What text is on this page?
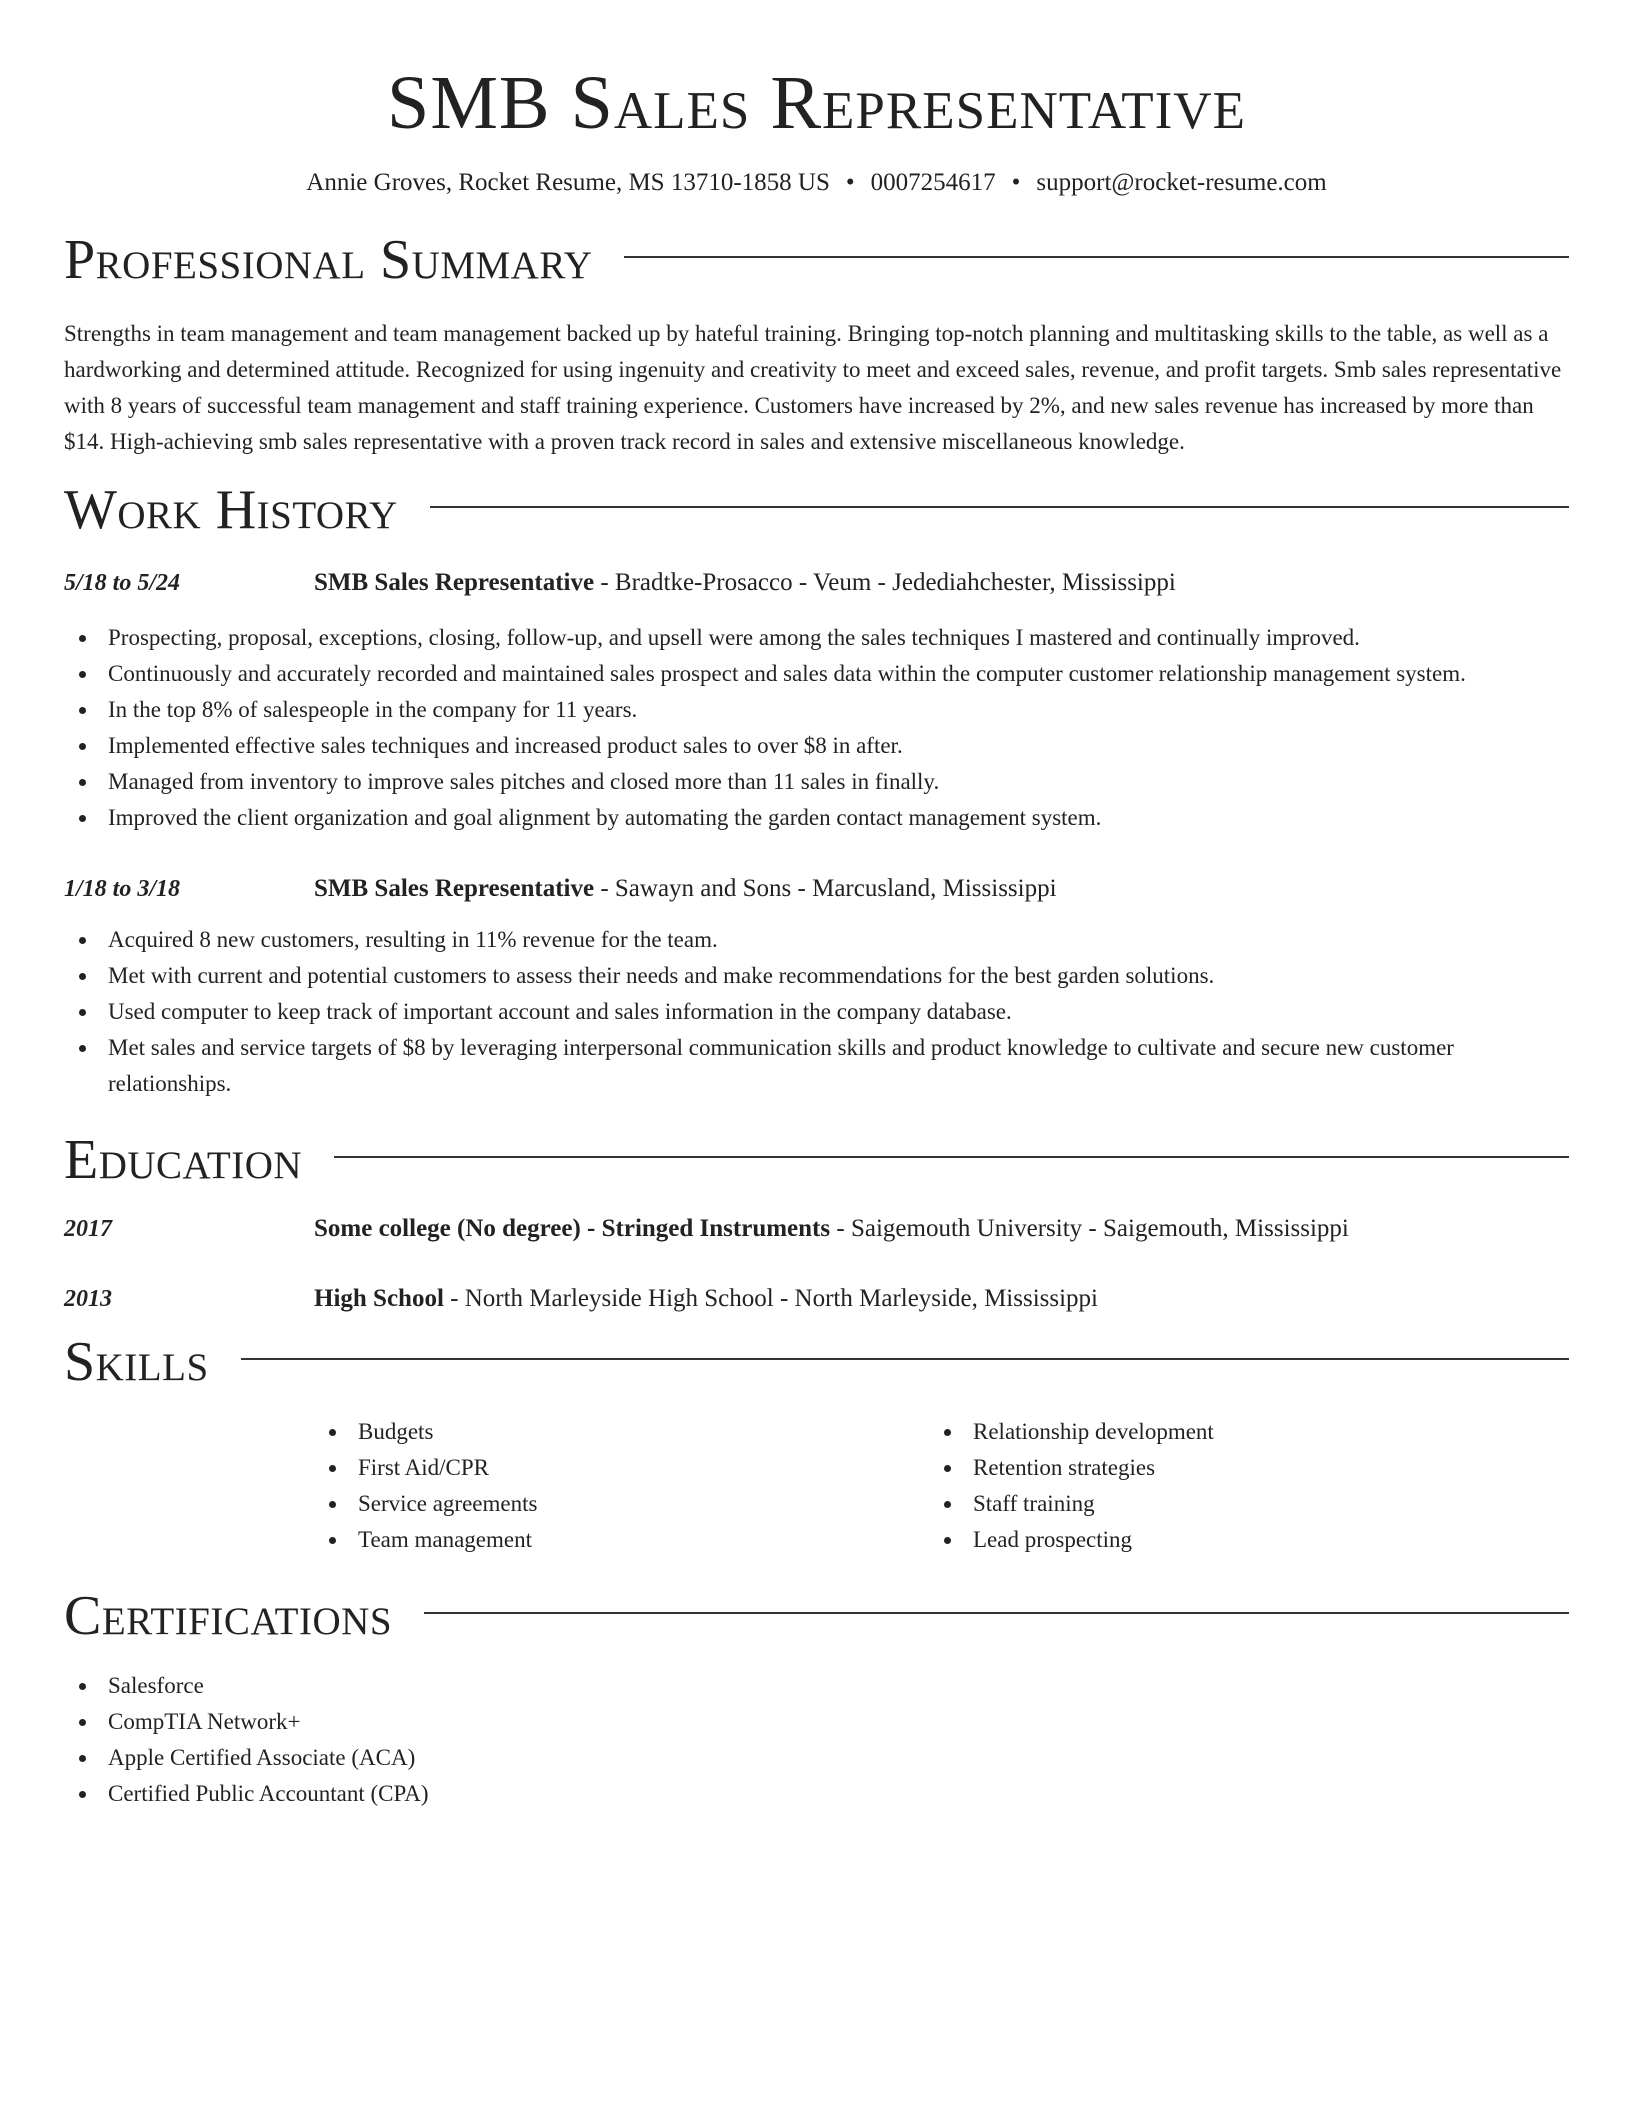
SMB Sales Representative
Annie Groves, Rocket Resume, MS 13710-1858 US • 0007254617 • support@rocket-resume.com
Professional Summary

Strengths in team management and team management backed up by hateful training. Bringing top-notch planning and multitasking skills to the table, as well as a hardworking and determined attitude. Recognized for using ingenuity and creativity to meet and exceed sales, revenue, and profit targets. Smb sales representative with 8 years of successful team management and staff training experience. Customers have increased by 2%, and new sales revenue has increased by more than $14. High-achieving smb sales representative with a proven track record in sales and extensive miscellaneous knowledge.

Work History
5/18 to 5/24	SMB Sales Representative - Bradtke-Prosacco - Veum - Jedediahchester, Mississippi
Prospecting, proposal, exceptions, closing, follow-up, and upsell were among the sales techniques I mastered and continually improved.
Continuously and accurately recorded and maintained sales prospect and sales data within the computer customer relationship management system.
In the top 8% of salespeople in the company for 11 years.
Implemented effective sales techniques and increased product sales to over $8 in after.
Managed from inventory to improve sales pitches and closed more than 11 sales in finally.
Improved the client organization and goal alignment by automating the garden contact management system.
1/18 to 3/18	SMB Sales Representative - Sawayn and Sons - Marcusland, Mississippi
Acquired 8 new customers, resulting in 11% revenue for the team.
Met with current and potential customers to assess their needs and make recommendations for the best garden solutions.
Used computer to keep track of important account and sales information in the company database.
Met sales and service targets of $8 by leveraging interpersonal communication skills and product knowledge to cultivate and secure new customer relationships.
Education
2017	Some college (No degree) - Stringed Instruments - Saigemouth University - Saigemouth, Mississippi
2013	High School - North Marleyside High School - North Marleyside, Mississippi
Skills
Budgets
First Aid/CPR
Service agreements
Team management
Relationship development
Retention strategies
Staff training
Lead prospecting
Certifications
Salesforce
CompTIA Network+
Apple Certified Associate (ACA)
Certified Public Accountant (CPA)
